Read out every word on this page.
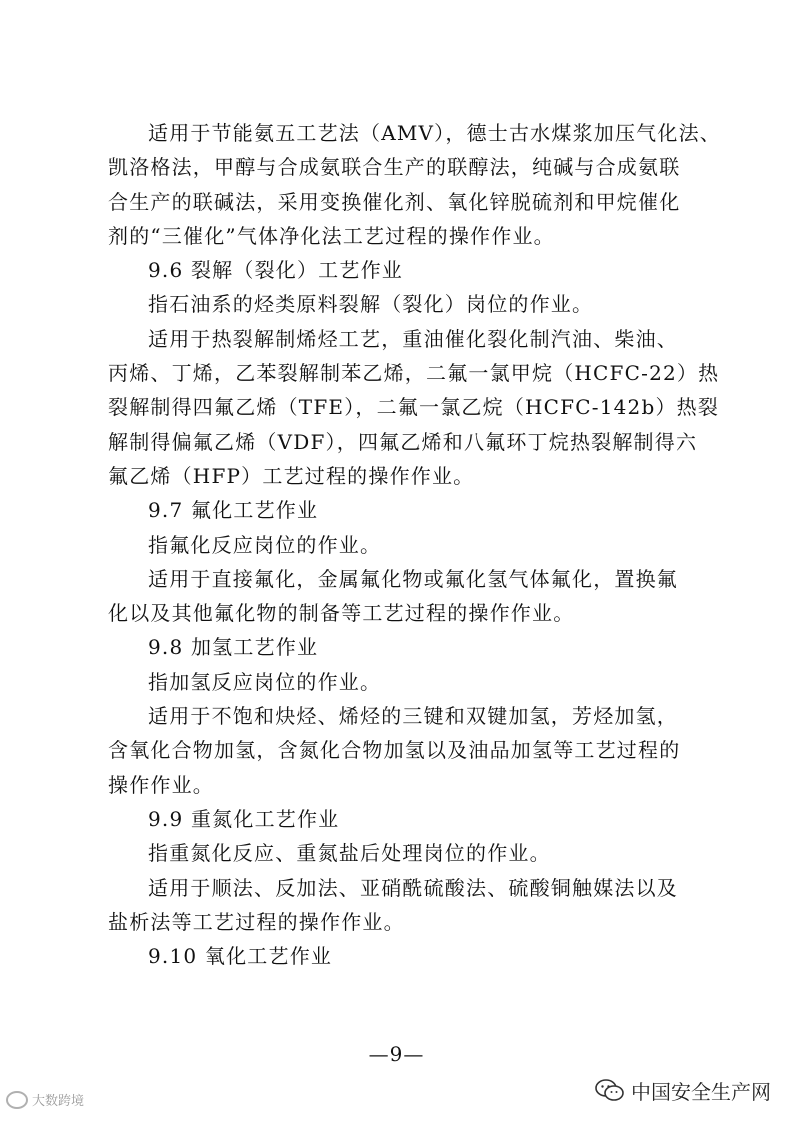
适用于节能氨五工艺法（AMV），德士古水煤浆加压气化法、
凯洛格法，甲醇与合成氨联合生产的联醇法，纯碱与合成氨联
合生产的联碱法，采用变换催化剂、氧化锌脱硫剂和甲烷催化
剂的“三催化”气体净化法工艺过程的操作作业。
9.6 裂解（裂化）工艺作业
指石油系的烃类原料裂解（裂化）岗位的作业。
适用于热裂解制烯烃工艺，重油催化裂化制汽油、柴油、
丙烯、丁烯，乙苯裂解制苯乙烯，二氟一氯甲烷（HCFC-22）热
裂解制得四氟乙烯（TFE），二氟一氯乙烷（HCFC-142b）热裂
解制得偏氟乙烯（VDF），四氟乙烯和八氟环丁烷热裂解制得六
氟乙烯（HFP）工艺过程的操作作业。
9.7 氟化工艺作业
指氟化反应岗位的作业。
适用于直接氟化，金属氟化物或氟化氢气体氟化，置换氟
化以及其他氟化物的制备等工艺过程的操作作业。
9.8 加氢工艺作业
指加氢反应岗位的作业。
适用于不饱和炔烃、烯烃的三键和双键加氢，芳烃加氢，
含氧化合物加氢，含氮化合物加氢以及油品加氢等工艺过程的
操作作业。
9.9 重氮化工艺作业
指重氮化反应、重氮盐后处理岗位的作业。
适用于顺法、反加法、亚硝酰硫酸法、硫酸铜触媒法以及
盐析法等工艺过程的操作作业。
9.10 氧化工艺作业
—9—
大数跨境	中国安全生产网
